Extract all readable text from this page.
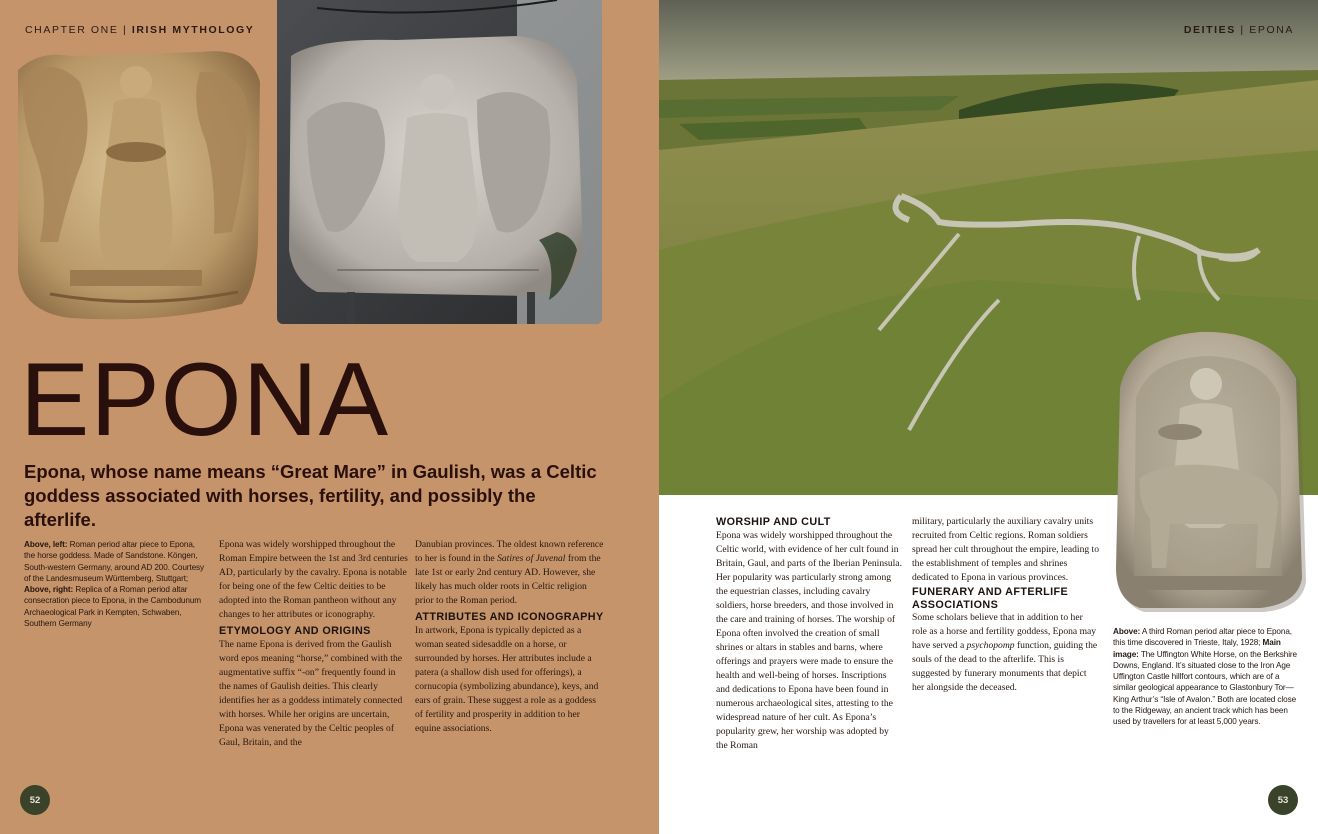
CHAPTER ONE | IRISH MYTHOLOGY
EPONA
Epona, whose name means “Great Mare” in Gaulish, was a Celtic goddess associated with horses, fertility, and possibly the afterlife.
Above, left: Roman period altar piece to Epona, the horse goddess. Made of Sandstone. Köngen, South-western Germany, around AD 200. Courtesy of the Landesmuseum Württemberg, Stuttgart;
Above, right: Replica of a Roman period altar consecration piece to Epona, in the Cambodunum Archaeological Park in Kempten, Schwaben, Southern Germany

Epona was widely worshipped throughout the Roman Empire between the 1st and 3rd centuries AD, particularly by the cavalry. Epona is notable for being one of the few Celtic deities to be adopted into the Roman pantheon without any changes to her attributes or iconography.

ETYMOLOGY AND ORIGINS

The name Epona is derived from the Gaulish word epos meaning “horse,” combined with the augmentative suffix “-on” frequently found in the names of Gaulish deities. This clearly identifies her as a goddess intimately connected with horses. While her origins are uncertain, Epona was venerated by the Celtic peoples of Gaul, Britain, and the

Danubian provinces. The oldest known reference to her is found in the Satires of Juvenal from the late 1st or early 2nd century AD. However, she likely has much older roots in Celtic religion prior to the Roman period.

ATTRIBUTES AND ICONOGRAPHY

In artwork, Epona is typically depicted as a woman seated sidesaddle on a horse, or surrounded by horses. Her attributes include a patera (a shallow dish used for offerings), a cornucopia (symbolizing abundance), keys, and ears of grain. These suggest a role as a goddess of fertility and prosperity in addition to her equine associations.

52
DEITIES | EPONA
WORSHIP AND CULT

Epona was widely worshipped throughout the Celtic world, with evidence of her cult found in Britain, Gaul, and parts of the Iberian Peninsula. Her popularity was particularly strong among the equestrian classes, including cavalry soldiers, horse breeders, and those involved in the care and training of horses. The worship of Epona often involved the creation of small shrines or altars in stables and barns, where offerings and prayers were made to ensure the health and well-being of horses. Inscriptions and dedications to Epona have been found in numerous archaeological sites, attesting to the widespread nature of her cult. As Epona’s popularity grew, her worship was adopted by the Roman

military, particularly the auxiliary cavalry units recruited from Celtic regions. Roman soldiers spread her cult throughout the empire, leading to the establishment of temples and shrines dedicated to Epona in various provinces.

FUNERARY AND AFTERLIFE ASSOCIATIONS

Some scholars believe that in addition to her role as a horse and fertility goddess, Epona may have served a psychopomp function, guiding the souls of the dead to the afterlife. This is suggested by funerary monuments that depict her alongside the deceased.

Above: A third Roman period altar piece to Epona, this time discovered in Trieste, Italy, 1928; Main image: The Uffington White Horse, on the Berkshire Downs, England. It’s situated close to the Iron Age Uffington Castle hillfort contours, which are of a similar geological appearance to Glastonbury Tor—King Arthur’s “Isle of Avalon.” Both are located close to the Ridgeway, an ancient track which has been used by travellers for at least 5,000 years.
53
